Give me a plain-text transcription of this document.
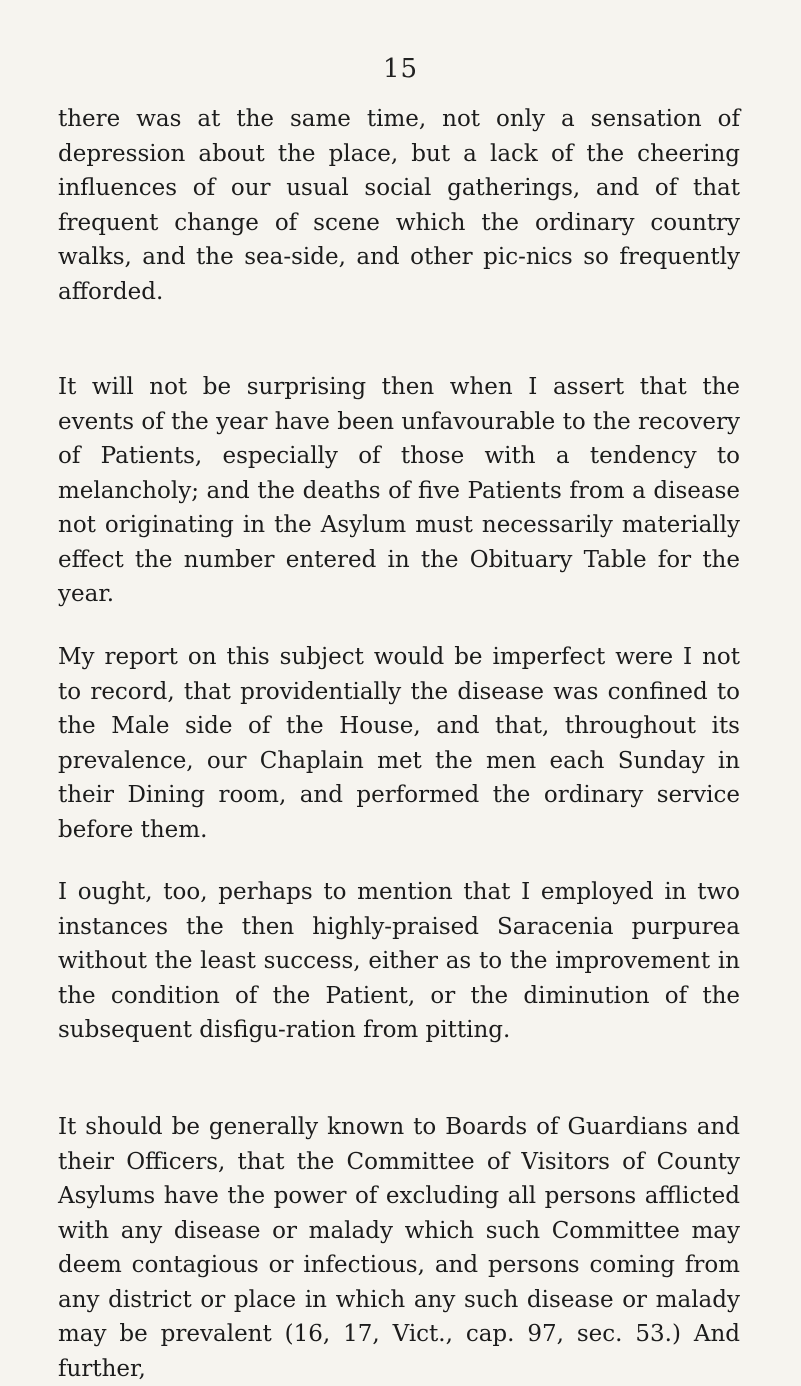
15

there was at the same time, not only a sensation of depression about the place, but a lack of the cheering influences of our usual social gatherings, and of that frequent change of scene which the ordinary country walks, and the sea-side, and other pic-nics so frequently afforded.

It will not be surprising then when I assert that the events of the year have been unfavourable to the recovery of Patients, especially of those with a tendency to melancholy; and the deaths of five Patients from a disease not originating in the Asylum must necessarily materially effect the number entered in the Obituary Table for the year.

My report on this subject would be imperfect were I not to record, that providentially the disease was confined to the Male side of the House, and that, throughout its prevalence, our Chaplain met the men each Sunday in their Dining room, and performed the ordinary service before them.

I ought, too, perhaps to mention that I employed in two instances the then highly-praised Saracenia purpurea without the least success, either as to the improvement in the condition of the Patient, or the diminution of the subsequent disfigu-ration from pitting.

It should be generally known to Boards of Guardians and their Officers, that the Committee of Visitors of County Asylums have the power of excluding all persons afflicted with any disease or malady which such Committee may deem contagious or infectious, and persons coming from any district or place in which any such disease or malady may be prevalent (16, 17, Vict., cap. 97, sec. 53.) And further,
